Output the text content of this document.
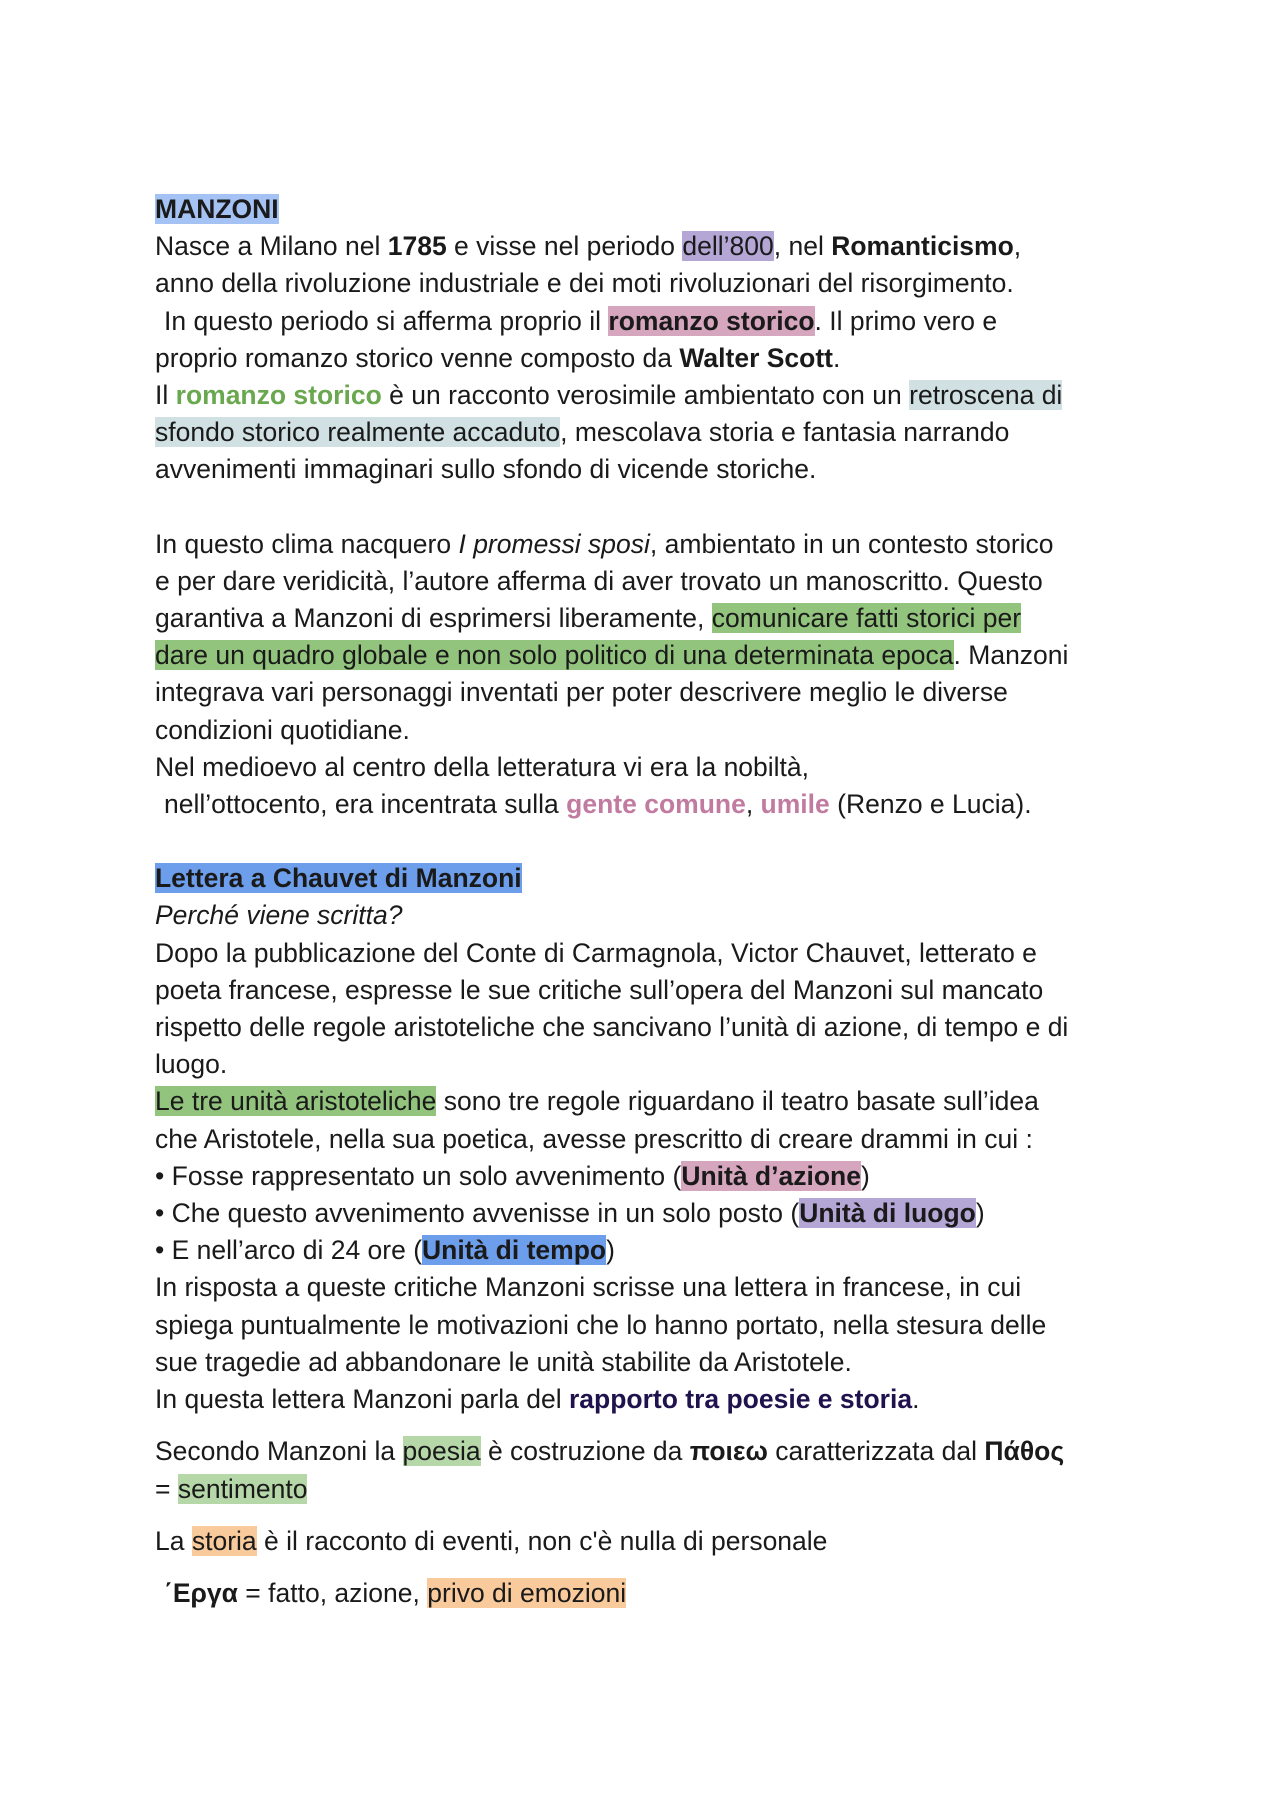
MANZONI

Nasce a Milano nel 1785 e visse nel periodo dell’800, nel Romanticismo,

anno della rivoluzione industriale e dei moti rivoluzionari del risorgimento.

In questo periodo si afferma proprio il romanzo storico. Il primo vero e

proprio romanzo storico venne composto da Walter Scott.

Il romanzo storico è un racconto verosimile ambientato con un retroscena di

sfondo storico realmente accaduto, mescolava storia e fantasia narrando

avvenimenti immaginari sullo sfondo di vicende storiche.

In questo clima nacquero I promessi sposi, ambientato in un contesto storico

e per dare veridicità, l’autore afferma di aver trovato un manoscritto. Questo

garantiva a Manzoni di esprimersi liberamente, comunicare fatti storici per

dare un quadro globale e non solo politico di una determinata epoca. Manzoni

integrava vari personaggi inventati per poter descrivere meglio le diverse

condizioni quotidiane.

Nel medioevo al centro della letteratura vi era la nobiltà,

nell’ottocento, era incentrata sulla gente comune, umile (Renzo e Lucia).

Lettera a Chauvet di Manzoni

Perché viene scritta?

Dopo la pubblicazione del Conte di Carmagnola, Victor Chauvet, letterato e

poeta francese, espresse le sue critiche sull’opera del Manzoni sul mancato

rispetto delle regole aristoteliche che sancivano l’unità di azione, di tempo e di

luogo.

Le tre unità aristoteliche sono tre regole riguardano il teatro basate sull’idea

che Aristotele, nella sua poetica, avesse prescritto di creare drammi in cui :

• Fosse rappresentato un solo avvenimento (Unità d’azione)

• Che questo avvenimento avvenisse in un solo posto (Unità di luogo)

• E nell’arco di 24 ore (Unità di tempo)

In risposta a queste critiche Manzoni scrisse una lettera in francese, in cui

spiega puntualmente le motivazioni che lo hanno portato, nella stesura delle

sue tragedie ad abbandonare le unità stabilite da Aristotele.

In questa lettera Manzoni parla del rapporto tra poesie e storia.

Secondo Manzoni la poesia è costruzione da ποιεω caratterizzata dal Πάθος

= sentimento

La storia è il racconto di eventi, non c'è nulla di personale

΄Εργα = fatto, azione, privo di emozioni
